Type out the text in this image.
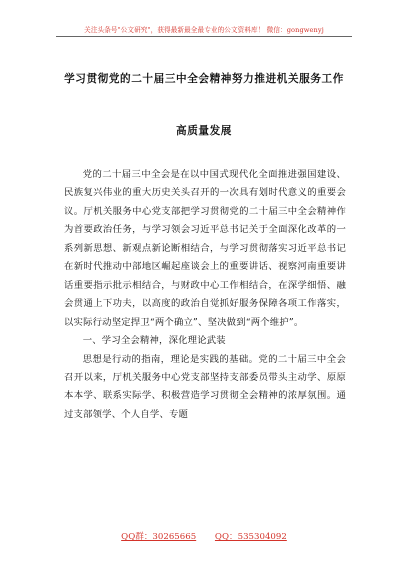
关注头条号"公文研究"，获得最新最全最专业的公文资料库！ 微信：gongwenyj
学习贯彻党的二十届三中全会精神努力推进机关服务工作
高质量发展

党的二十届三中全会是在以中国式现代化全面推进强国建设、民族复兴伟业的重大历史关头召开的一次具有划时代意义的重要会议。厅机关服务中心党支部把学习贯彻党的二十届三中全会精神作为首要政治任务，与学习领会习近平总书记关于全面深化改革的一系列新思想、新观点新论断相结合，与学习贯彻落实习近平总书记在新时代推动中部地区崛起座谈会上的重要讲话、视察河南重要讲话重要指示批示相结合，与财政中心工作相结合，在深学细悟、融会贯通上下功夫，以高度的政治自觉抓好服务保障各项工作落实，以实际行动坚定捍卫“两个确立”、坚决做到“两个维护”。

一、学习全会精神，深化理论武装

思想是行动的指南，理论是实践的基础。党的二十届三中全会召开以来，厅机关服务中心党支部坚持支部委员带头主动学、原原本本学、联系实际学、积极营造学习贯彻全会精神的浓厚氛围。通过支部领学、个人自学、专题

QQ群：30265665 QQ：535304092
